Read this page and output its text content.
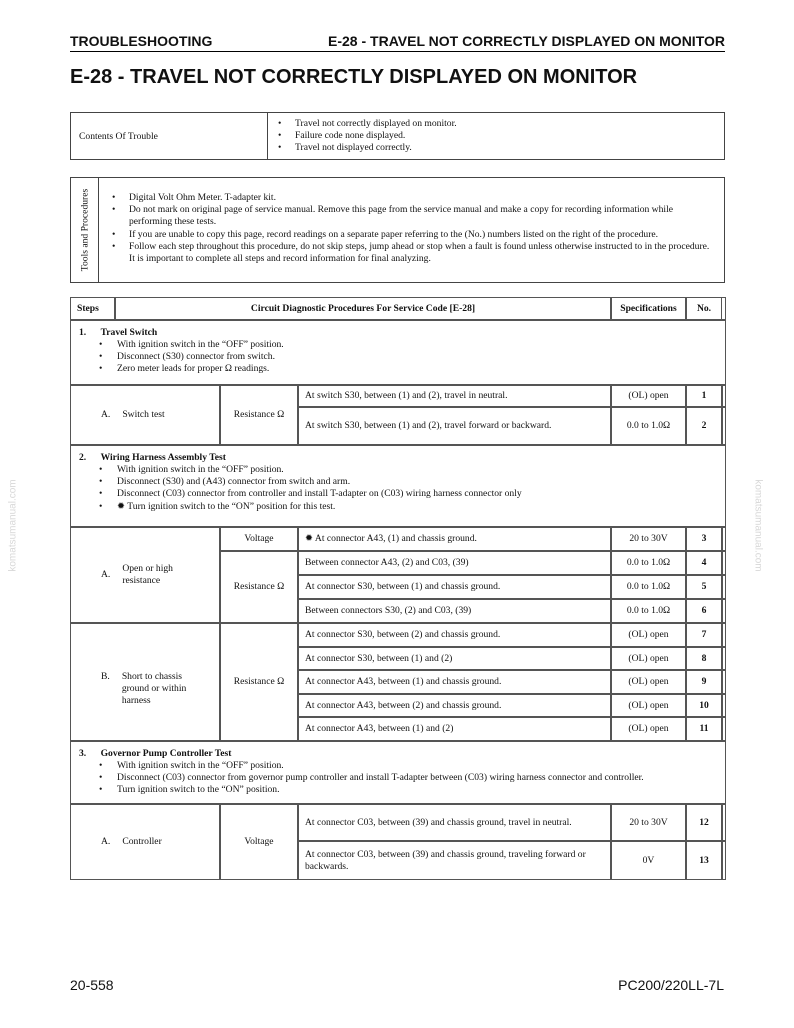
TROUBLESHOOTING	E-28 - TRAVEL NOT CORRECTLY DISPLAYED ON MONITOR
E-28 - TRAVEL NOT CORRECTLY DISPLAYED ON MONITOR
Contents Of Trouble
• Travel not correctly displayed on monitor.
• Failure code none displayed.
• Travel not displayed correctly.
Tools and Procedures
•	Digital Volt Ohm Meter. T-adapter kit.
• Do not mark on original page of service manual. Remove this page from the service manual and make a copy for recording information while performing these tests.
• If you are unable to copy this page, record readings on a separate paper referring to the (No.) numbers listed on the right of the procedure.
• Follow each step throughout this procedure, do not skip steps, jump ahead or stop when a fault is found unless otherwise instructed to in the procedure. It is important to complete all steps and record information for final analyzing.
Steps	Circuit Diagnostic Procedures For Service Code [E-28]	Specifications	No.
1.      Travel Switch
• With ignition switch in the “OFF” position.
• Disconnect (S30) connector from switch.
• Zero meter leads for proper Ω readings.
A. Switch test	Resistance Ω
At switch S30, between (1) and (2), travel in neutral.	(OL) open	1
At switch S30, between (1) and (2), travel forward or backward.	0.0 to 1.0Ω	2
2.      Wiring Harness Assembly Test
• With ignition switch in the “OFF” position.
• Disconnect (S30) and (A43) connector from switch and arm.
• Disconnect (C03) connector from controller and install T-adapter on (C03) wiring harness connector only
• ✹ Turn ignition switch to the “ON” position for this test.
A.
Open or high resistance
Voltage
Resistance Ω
✹ At connector A43, (1) and chassis ground.	20 to 30V	3
Between connector A43, (2) and C03, (39)	0.0 to 1.0Ω	4
At connector S30, between (1) and chassis ground.	0.0 to 1.0Ω	5
Between connectors S30, (2) and C03, (39)	0.0 to 1.0Ω	6
B. Short to chassis ground or within harness
Resistance Ω
At connector S30, between (2) and chassis ground.	(OL) open	7
At connector S30, between (1) and (2)	(OL) open	8
At connector A43, between (1) and chassis ground.	(OL) open	9
At connector A43, between (2) and chassis ground.	(OL) open	10
At connector A43, between (1) and (2)	(OL) open	11
3.      Governor Pump Controller Test
• With ignition switch in the “OFF” position.
• Disconnect (C03) connector from governor pump controller and install T-adapter between (C03) wiring harness connector and controller.
• Turn ignition switch to the “ON” position.
A. Controller	Voltage
At connector C03, between (39) and chassis ground, travel in neutral.	20 to 30V	12
At connector C03, between (39) and chassis ground, traveling forward or backwards.
0V	13
20-558	PC200/220LL-7L
komatsumanual.com	komatsumanual.com
